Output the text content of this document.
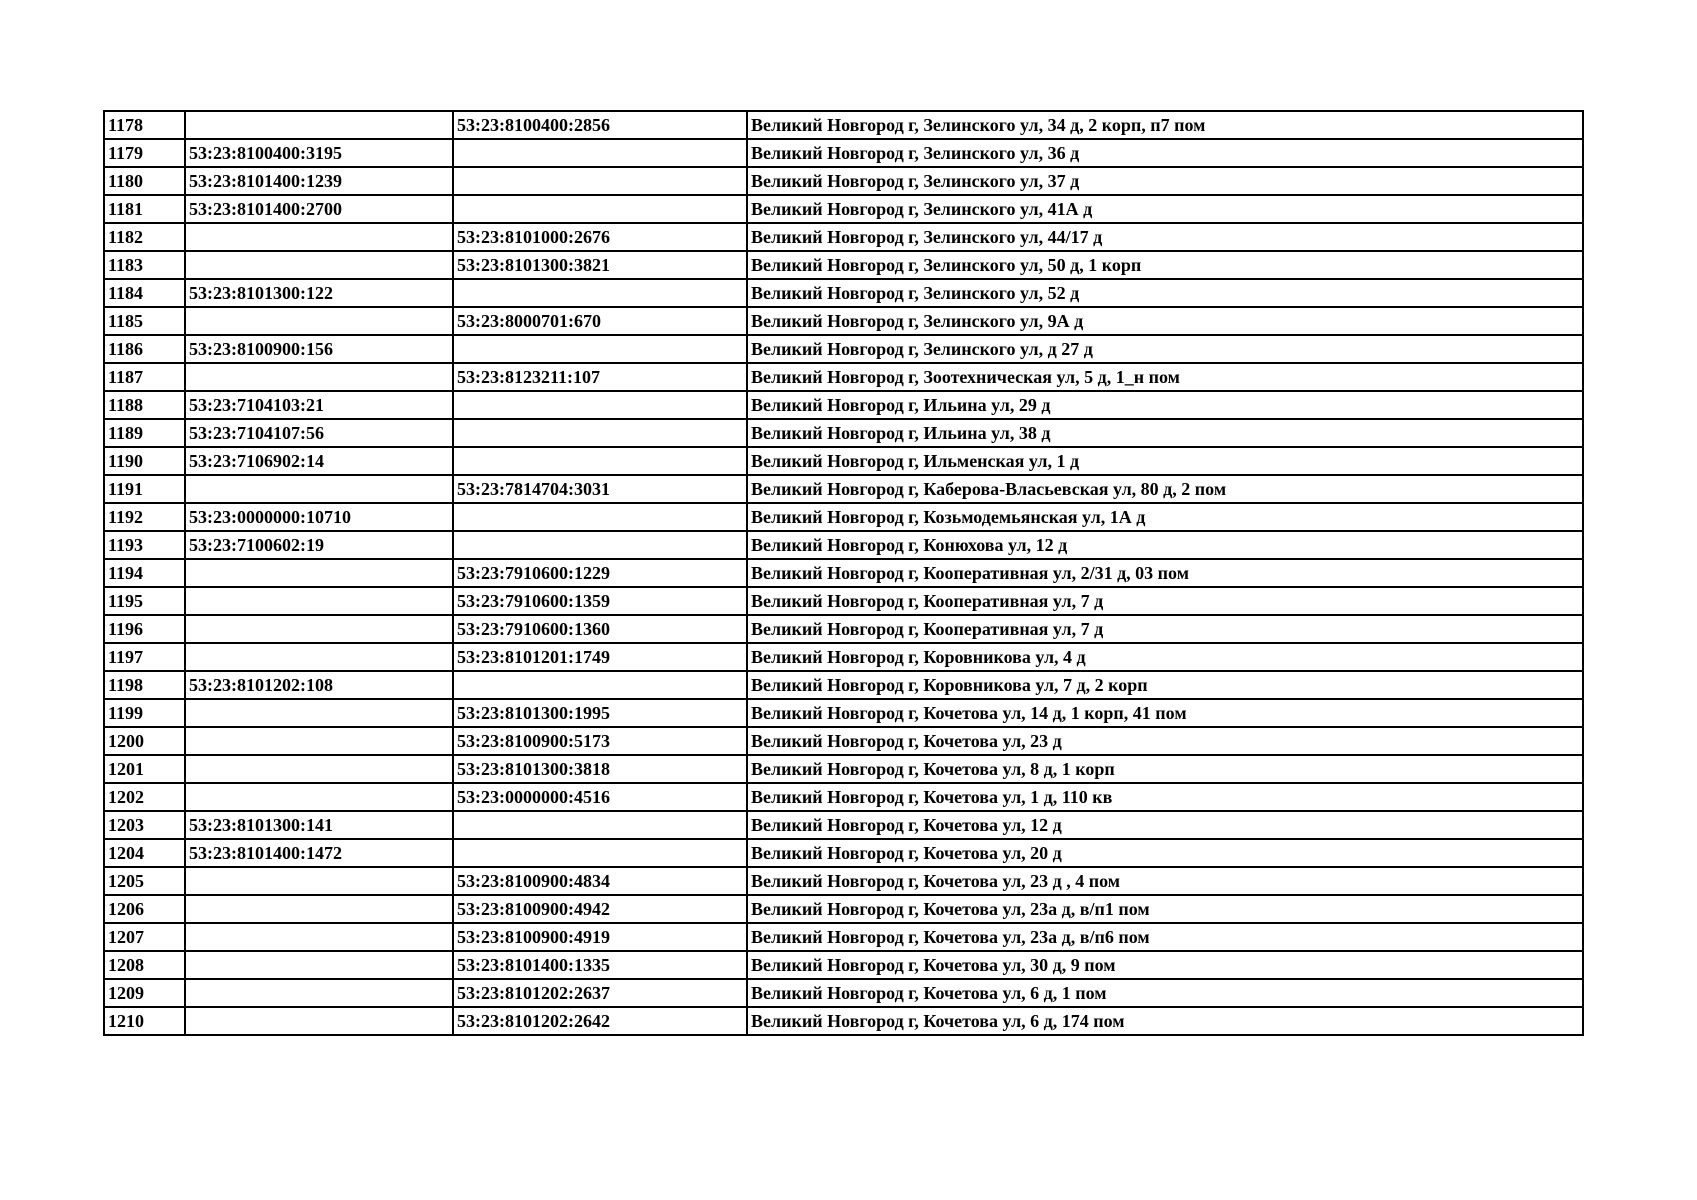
1178		53:23:8100400:2856	Великий Новгород г, Зелинского ул, 34 д, 2 корп, п7 пом
1179	53:23:8100400:3195		Великий Новгород г, Зелинского ул, 36 д
1180	53:23:8101400:1239		Великий Новгород г, Зелинского ул, 37 д
1181	53:23:8101400:2700		Великий Новгород г, Зелинского ул, 41А д
1182		53:23:8101000:2676	Великий Новгород г, Зелинского ул, 44/17 д
1183		53:23:8101300:3821	Великий Новгород г, Зелинского ул, 50 д, 1 корп
1184	53:23:8101300:122		Великий Новгород г, Зелинского ул, 52 д
1185		53:23:8000701:670	Великий Новгород г, Зелинского ул, 9А д
1186	53:23:8100900:156		Великий Новгород г, Зелинского ул, д 27 д
1187		53:23:8123211:107	Великий Новгород г, Зоотехническая ул, 5 д, 1_н пом
1188	53:23:7104103:21		Великий Новгород г, Ильина ул, 29 д
1189	53:23:7104107:56		Великий Новгород г, Ильина ул, 38 д
1190	53:23:7106902:14		Великий Новгород г, Ильменская ул, 1 д
1191		53:23:7814704:3031	Великий Новгород г, Каберова-Власьевская ул, 80 д, 2 пом
1192	53:23:0000000:10710		Великий Новгород г, Козьмодемьянская ул, 1А д
1193	53:23:7100602:19		Великий Новгород г, Конюхова ул, 12 д
1194		53:23:7910600:1229	Великий Новгород г, Кооперативная ул, 2/31 д, 03 пом
1195		53:23:7910600:1359	Великий Новгород г, Кооперативная ул, 7 д
1196		53:23:7910600:1360	Великий Новгород г, Кооперативная ул, 7 д
1197		53:23:8101201:1749	Великий Новгород г, Коровникова ул, 4 д
1198	53:23:8101202:108		Великий Новгород г, Коровникова ул, 7 д, 2 корп
1199		53:23:8101300:1995	Великий Новгород г, Кочетова ул, 14 д, 1 корп, 41 пом
1200		53:23:8100900:5173	Великий Новгород г, Кочетова ул, 23 д
1201		53:23:8101300:3818	Великий Новгород г, Кочетова ул, 8 д, 1 корп
1202		53:23:0000000:4516	Великий Новгород г, Кочетова ул, 1 д, 110 кв
1203	53:23:8101300:141		Великий Новгород г, Кочетова ул, 12 д
1204	53:23:8101400:1472		Великий Новгород г, Кочетова ул, 20 д
1205		53:23:8100900:4834	Великий Новгород г, Кочетова ул, 23 д , 4 пом
1206		53:23:8100900:4942	Великий Новгород г, Кочетова ул, 23а д, в/п1 пом
1207		53:23:8100900:4919	Великий Новгород г, Кочетова ул, 23а д, в/п6 пом
1208		53:23:8101400:1335	Великий Новгород г, Кочетова ул, 30 д, 9 пом
1209		53:23:8101202:2637	Великий Новгород г, Кочетова ул, 6 д, 1 пом
1210		53:23:8101202:2642	Великий Новгород г, Кочетова ул, 6 д, 174 пом
